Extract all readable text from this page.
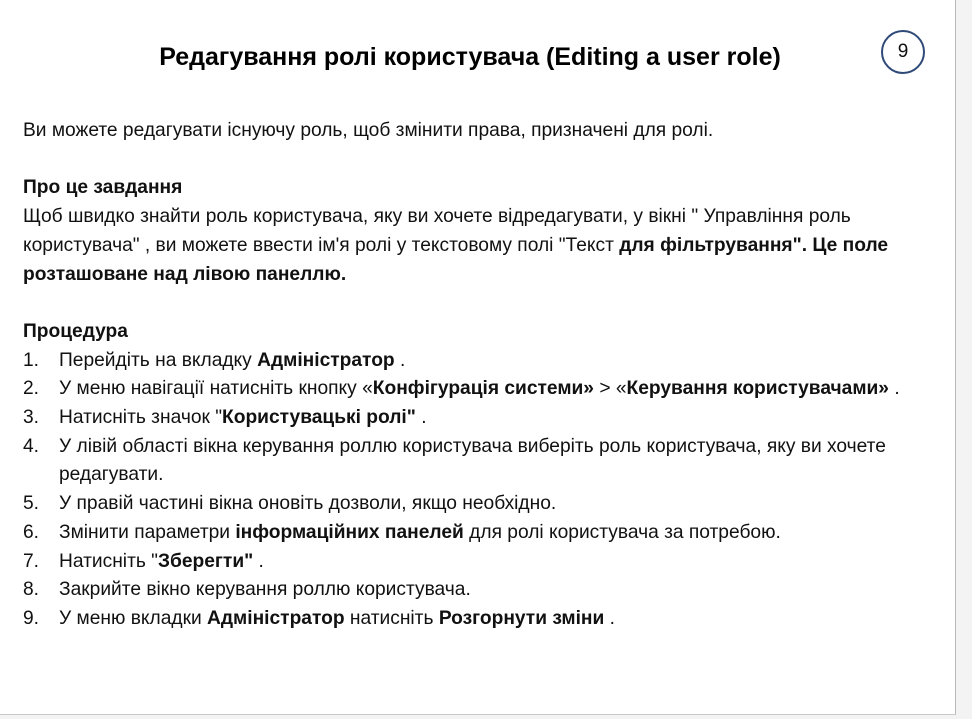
Редагування ролі користувача (Editing a user role)	9

Ви можете редагувати існуючу роль, щоб змінити права, призначені для ролі.

Про це завдання

Щоб швидко знайти роль користувача, яку ви хочете відредагувати, у вікні " Управління роль користувача" , ви можете ввести ім'я ролі у текстовому полі "Текст для фільтрування". Це поле розташоване над лівою панеллю.

Процедура

1. Перейдіть на вкладку Адміністратор .
2. У меню навігації натисніть кнопку «Конфігурація системи» > «Керування користувачами» .
3. Натисніть значок "Користувацькі ролі" .
4. У лівій області вікна керування роллю користувача виберіть роль користувача, яку ви хочете редагувати.
5. У правій частині вікна оновіть дозволи, якщо необхідно.
6. Змінити параметри інформаційних панелей для ролі користувача за потребою.
7. Натисніть "Зберегти" .
8. Закрийте вікно керування роллю користувача.
9. У меню вкладки Адміністратор натисніть Розгорнути зміни .
